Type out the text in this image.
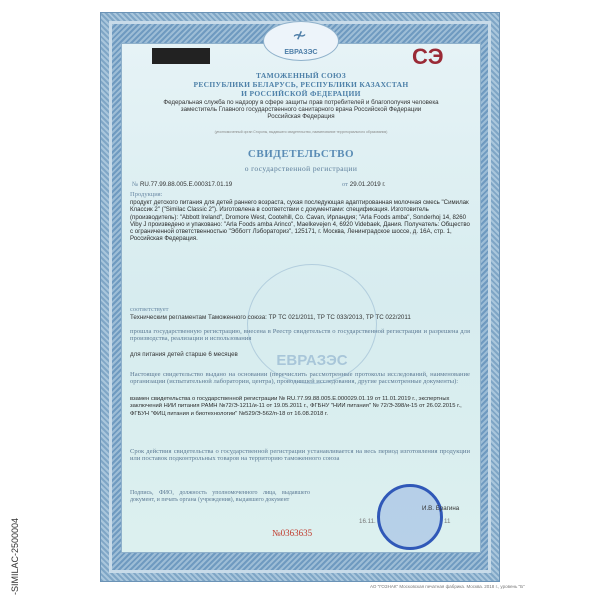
-SIMILAC-2500004
CЭ
ЕВРАЗЭС
ТАМОЖЕННЫЙ СОЮЗ
РЕСПУБЛИКИ БЕЛАРУСЬ, РЕСПУБЛИКИ КАЗАХСТАН
И РОССИЙСКОЙ ФЕДЕРАЦИИ
Федеральная служба по надзору в сфере защиты прав потребителей и благополучия человека
заместитель Главного государственного санитарного врача Российской Федерации
Российская Федерация
(уполномоченный орган Стороны, выдавшего свидетельство, наименование территориального образования)
СВИДЕТЕЛЬСТВО
о государственной регистрации
№ RU.77.99.88.005.Е.000317.01.19	от 29.01.2019 г.
Продукция:
продукт детского питания для детей раннего возраста, сухая последующая адаптированная молочная смесь "Симилак Классик 2" ("Similac Classic 2"). Изготовлена в соответствии с документами: спецификация. Изготовитель (производитель): "Abbott Ireland", Dromore West, Cootehill, Co. Cavan, Ирландия; "Arla Foods amba", Sonderhoj 14, 8260 Viby J произведено и упаковано: "Arla Foods amba Arinco", Maelkevejen 4, 6920 Videbaek, Дания. Получатель: Общество с ограниченной ответственностью "Эбботт Лэбораториз", 125171, г. Москва, Ленинградское шоссе, д. 16А, стр. 1, Российская Федерация.
соответствует
Техническим регламентам Таможенного союза: ТР ТС 021/2011, ТР ТС 033/2013, ТР ТС 022/2011
прошла государственную регистрацию, внесена в Реестр свидетельств о государственной регистрации и разрешена для производства, реализации и использования
для питания детей старше 6 месяцев
Настоящее свидетельство выдано на основании (перечислить рассмотренные протоколы исследований, наименование организации (испытательной лаборатории, центра), проводившей исследования, другие рассмотренные документы):
взамен свидетельства о государственной регистрации № RU.77.99.88.005.Е.000029.01.19 от 11.01.2019 г., экспертных заключений НИИ питания РАМН №72/Э-1211/и-11 от 19.05.2011 г., ФГБНУ "НИИ питания" № 72/Э-398/и-15 от 26.02.2015 г., ФГБУН "ФИЦ питания и биотехнологии" №529/Э-562/п-18 от 16.08.2018 г.
Срок действия свидетельства о государственной регистрации устанавливается на весь период изготовления продукции или поставок подконтрольных товаров на территорию таможенного союза
Подпись, ФИО, должность уполномоченного лица, выдавшего документ, и печать органа (учреждения), выдавшего документ
И.В. Брагина
16.11.	11
№0363635
≁
ЕВРАЗЭС
АО "ГОЗНАК" Московская печатная фабрика. Москва. 2018 г., уровень "Б"
